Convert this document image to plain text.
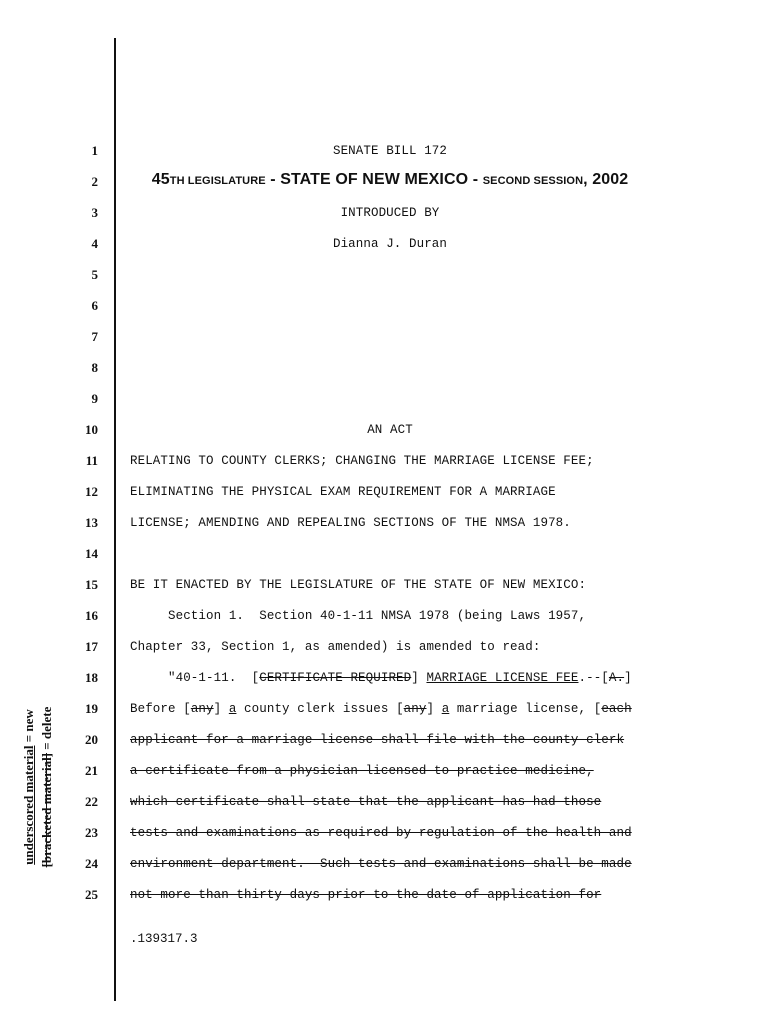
1
2
3
4
5
6
7
8
9
10
11
12
13
14
15
16
17
18
19
20
21
22
23
24
25
SENATE BILL 172
45TH LEGISLATURE - STATE OF NEW MEXICO - SECOND SESSION, 2002
INTRODUCED BY
Dianna J. Duran
AN ACT
RELATING TO COUNTY CLERKS; CHANGING THE MARRIAGE LICENSE FEE;
ELIMINATING THE PHYSICAL EXAM REQUIREMENT FOR A MARRIAGE
LICENSE; AMENDING AND REPEALING SECTIONS OF THE NMSA 1978.
BE IT ENACTED BY THE LEGISLATURE OF THE STATE OF NEW MEXICO:
Section 1.  Section 40-1-11 NMSA 1978 (being Laws 1957,
Chapter 33, Section 1, as amended) is amended to read:
"40-1-11.  [CERTIFICATE REQUIRED] MARRIAGE LICENSE FEE.--[A.]
Before [any] a county clerk issues [any] a marriage license, [each
applicant for a marriage license shall file with the county clerk
a certificate from a physician licensed to practice medicine,
which certificate shall state that the applicant has had those
tests and examinations as required by regulation of the health and
environment department.  Such tests and examinations shall be made
not more than thirty days prior to the date of application for
underscored material = new
[bracketed material] = delete
.139317.3
